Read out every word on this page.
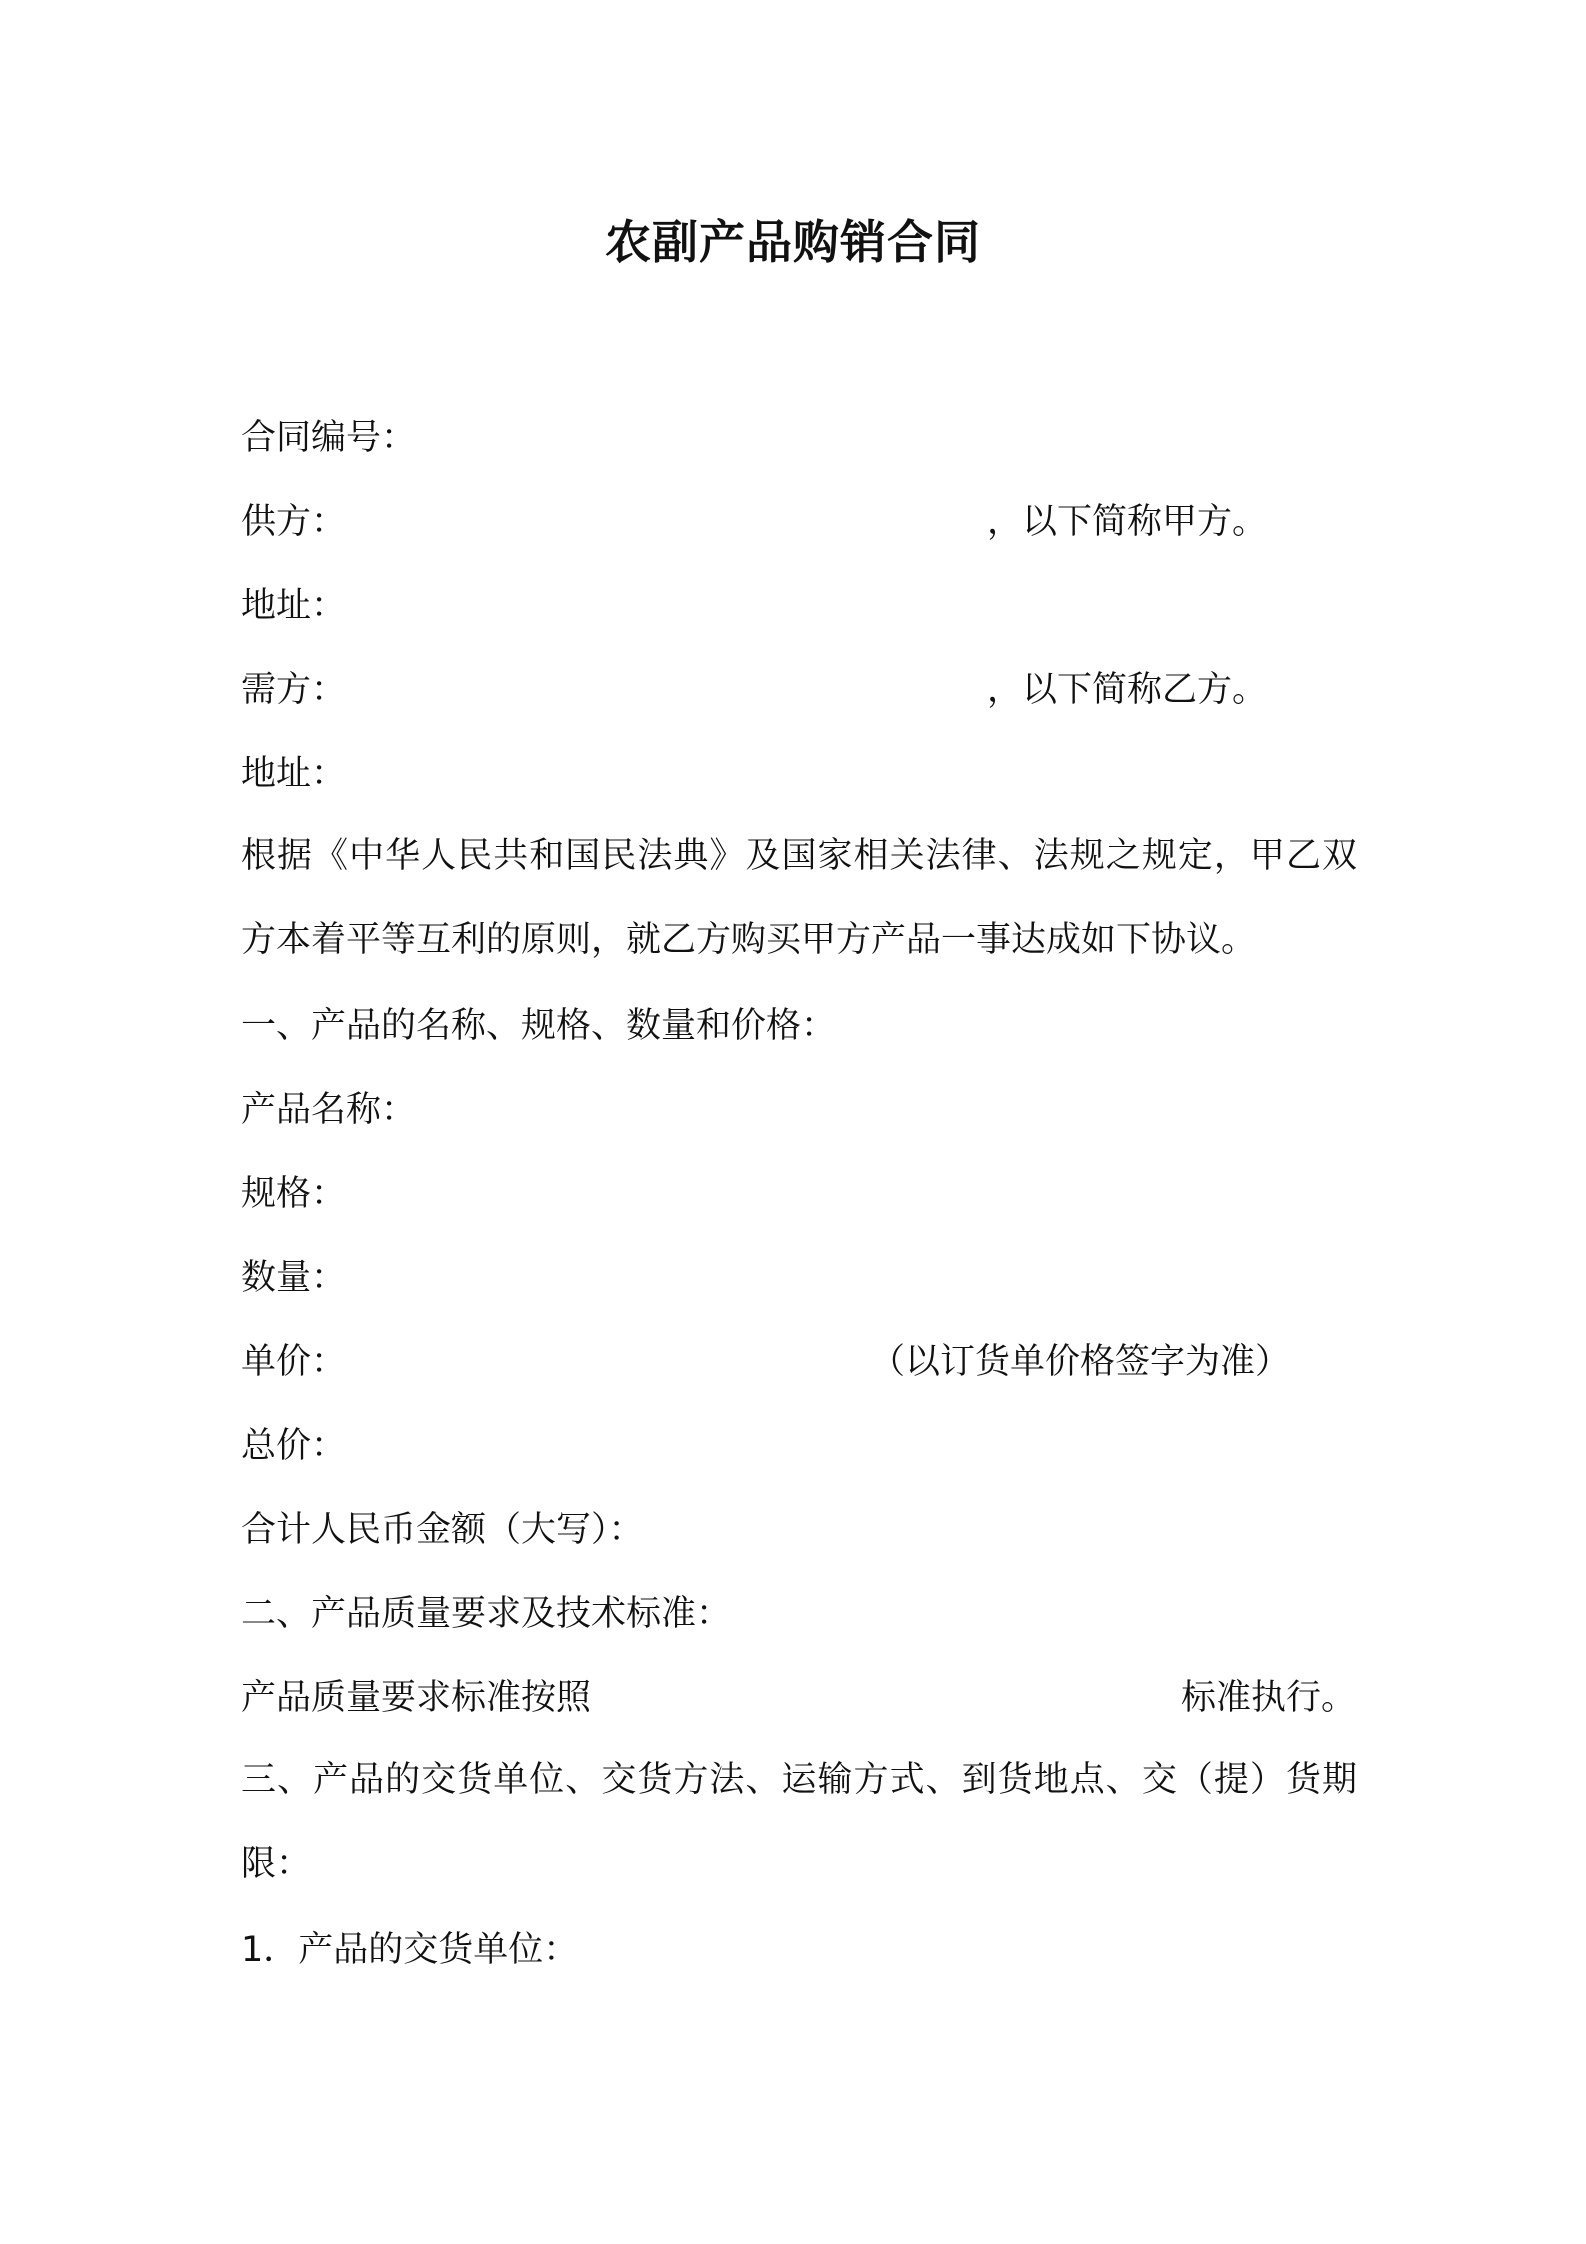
农副产品购销合同
合同编号：
供方：	，以下简称甲方。
地址：
需方：	，以下简称乙方。
地址：
根据《中华人民共和国民法典》及国家相关法律、法规之规定，甲乙双方本着平等互利的原则，就乙方购买甲方产品一事达成如下协议。
一、产品的名称、规格、数量和价格：
产品名称：
规格：
数量：
单价：	（以订货单价格签字为准）
总价：
合计人民币金额（大写）：
二、产品质量要求及技术标准：
产品质量要求标准按照	标准执行。
三、产品的交货单位、交货方法、运输方式、到货地点、交（提）货期限：
1．产品的交货单位：
